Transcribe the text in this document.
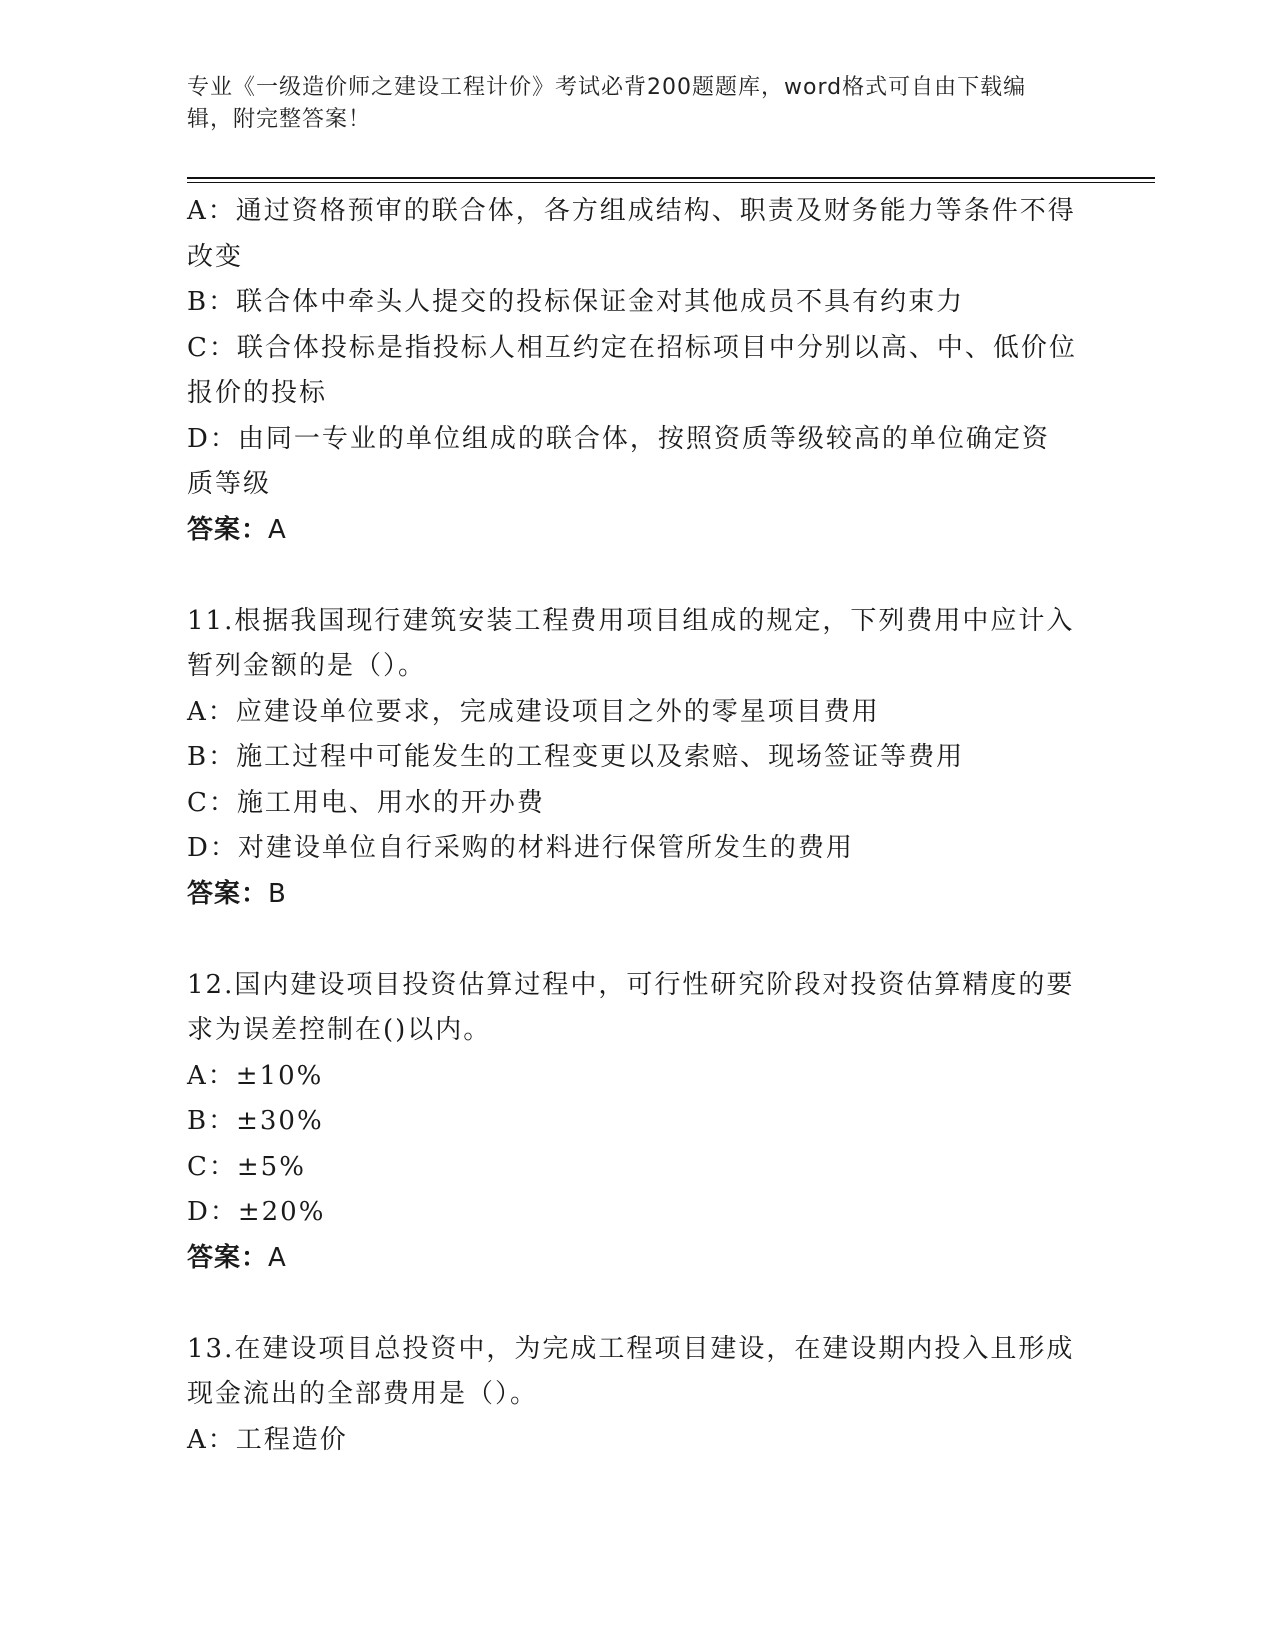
专业《一级造价师之建设工程计价》考试必背200题题库，word格式可自由下载编辑，附完整答案！

A：通过资格预审的联合体，各方组成结构、职责及财务能力等条件不得改变

B：联合体中牵头人提交的投标保证金对其他成员不具有约束力

C：联合体投标是指投标人相互约定在招标项目中分别以高、中、低价位报价的投标

D：由同一专业的单位组成的联合体，按照资质等级较高的单位确定资质等级

答案：A

11.根据我国现行建筑安装工程费用项目组成的规定，下列费用中应计入暂列金额的是（）。

A：应建设单位要求，完成建设项目之外的零星项目费用

B：施工过程中可能发生的工程变更以及索赔、现场签证等费用

C：施工用电、用水的开办费

D：对建设单位自行采购的材料进行保管所发生的费用

答案：B

12.国内建设项目投资估算过程中，可行性研究阶段对投资估算精度的要求为误差控制在()以内。

A：±10%

B：±30%

C：±5%

D：±20%

答案：A

13.在建设项目总投资中，为完成工程项目建设，在建设期内投入且形成现金流出的全部费用是（）。

A：工程造价
